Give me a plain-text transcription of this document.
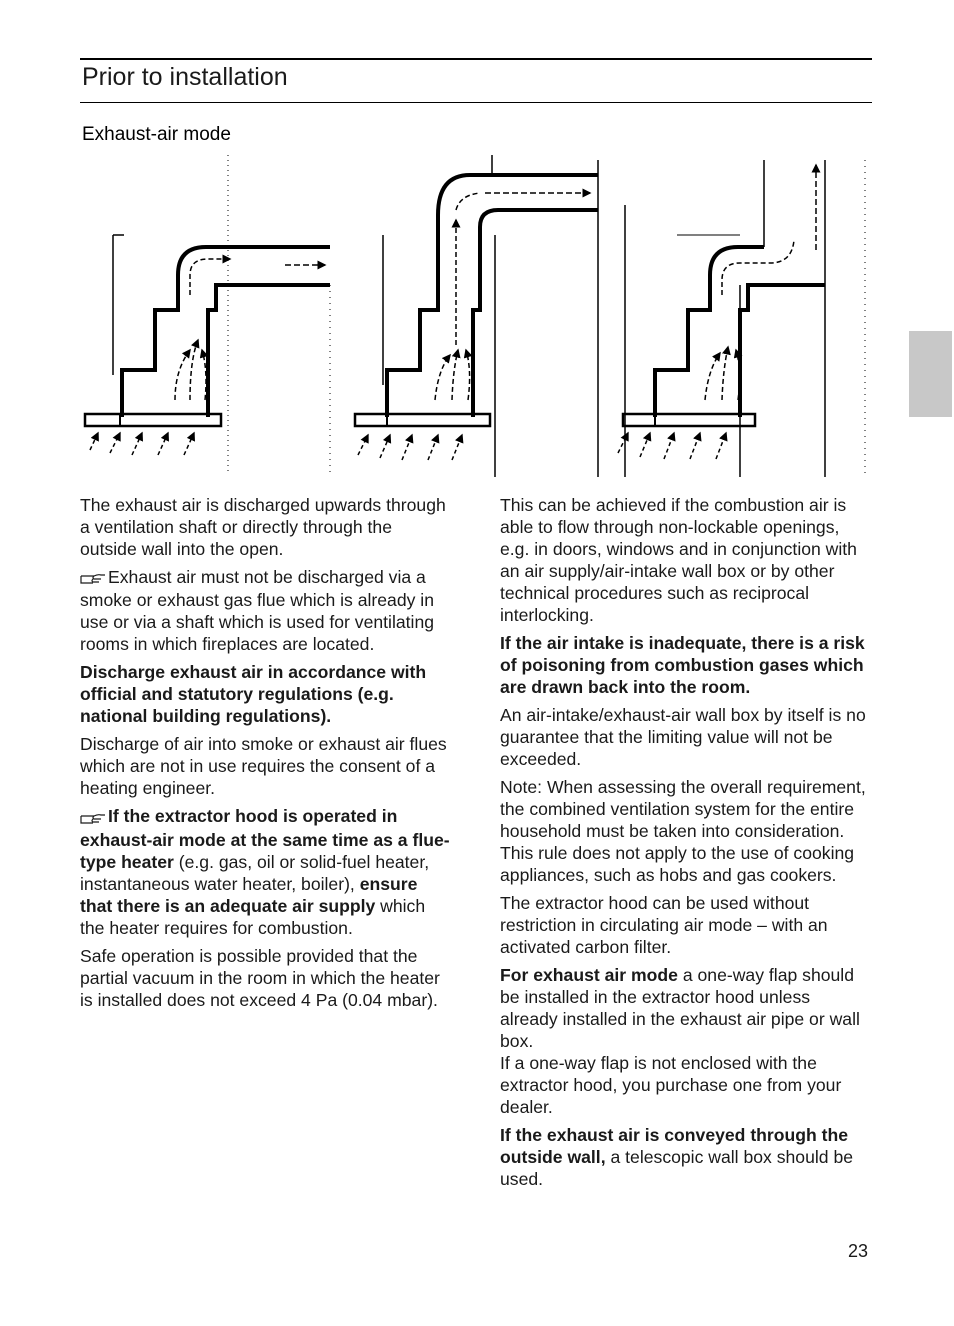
Prior to installation
Exhaust-air mode

The exhaust air is discharged upwards through a ventilation shaft or directly through the outside wall into the open.

Exhaust air must not be discharged via a smoke or exhaust gas flue which is already in use or via a shaft which is used for ventilating rooms in which fireplaces are located.

Discharge exhaust air in accordance with official and statutory regulations (e.g. national building regulations).

Discharge of air into smoke or exhaust air flues which are not in use requires the consent of a heating engineer.

If the extractor hood is operated in exhaust-air mode at the same time as a flue-type heater (e.g. gas, oil or solid-fuel heater, instantaneous water heater, boiler), ensure that there is an adequate air supply which the heater requires for combustion.

Safe operation is possible provided that the partial vacuum in the room in which the heater is installed does not exceed 4 Pa (0.04 mbar).

This can be achieved if the combustion air is able to flow through non-lockable openings, e.g. in doors, windows and in conjunction with an air supply/air-intake wall box or by other technical procedures such as reciprocal interlocking.

If the air intake is inadequate, there is a risk of poisoning from combustion gases which are drawn back into the room.

An air-intake/exhaust-air wall box by itself is no guarantee that the limiting value will not be exceeded.

Note: When assessing the overall requirement, the combined ventilation system for the entire household must be taken into consideration. This rule does not apply to the use of cooking appliances, such as hobs and gas cookers.

The extractor hood can be used without restriction in circulating air mode – with an activated carbon filter.

For exhaust air mode a one-way flap should be installed in the extractor hood unless already installed in the exhaust air pipe or wall box.

If a one-way flap is not enclosed with the extractor hood, you purchase one from your dealer.

If the exhaust air is conveyed through the outside wall, a telescopic wall box should be used.

23
